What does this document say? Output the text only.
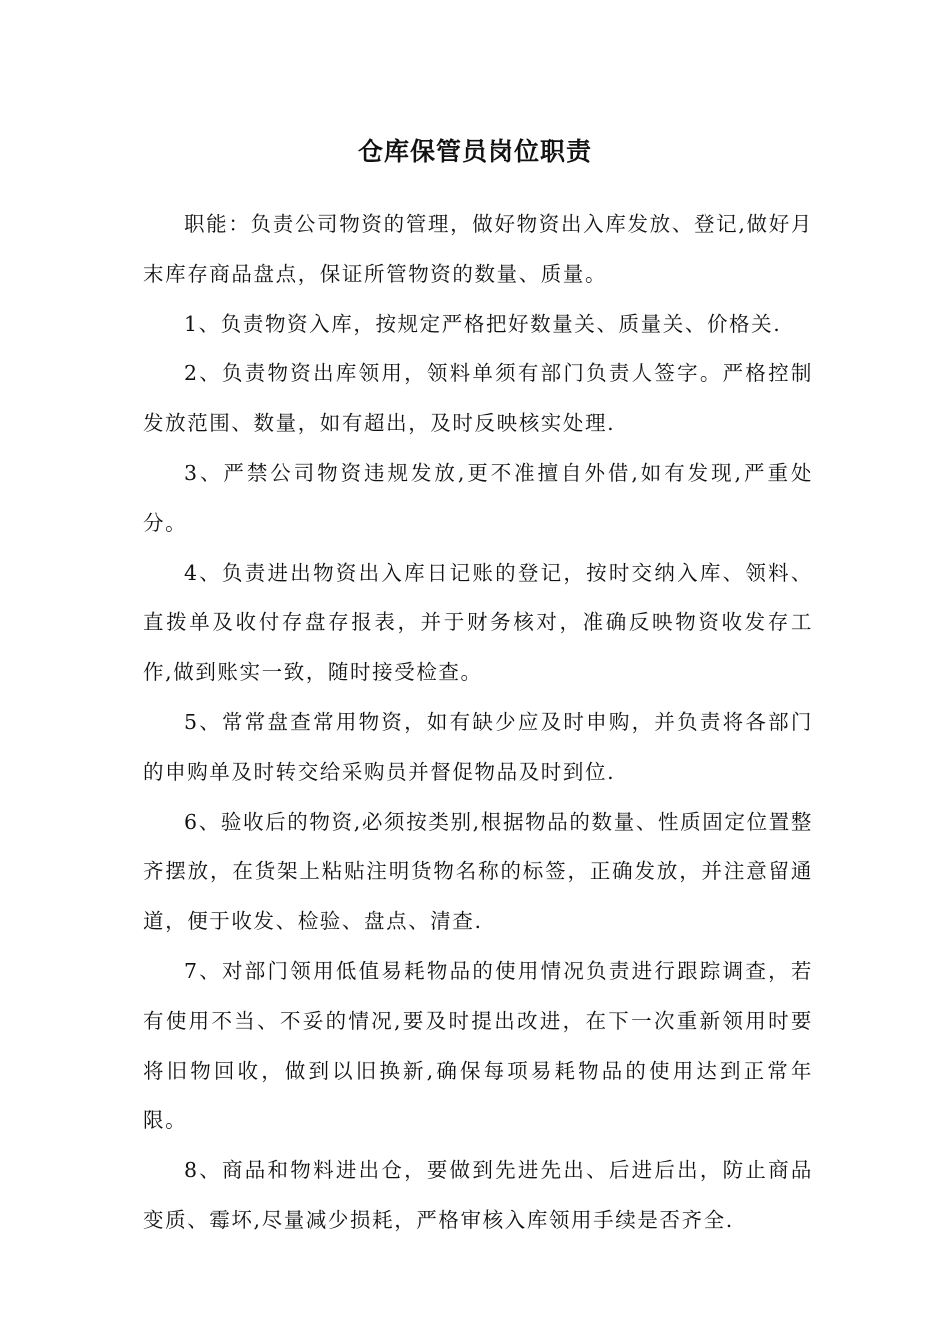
仓库保管员岗位职责

职能：负责公司物资的管理，做好物资出入库发放、登记,做好月末库存商品盘点，保证所管物资的数量、质量。

1、负责物资入库，按规定严格把好数量关、质量关、价格关.

2、负责物资出库领用，领料单须有部门负责人签字。严格控制发放范围、数量，如有超出，及时反映核实处理.

3、严禁公司物资违规发放,更不准擅自外借,如有发现,严重处分。

4、负责进出物资出入库日记账的登记，按时交纳入库、领料、直拨单及收付存盘存报表，并于财务核对，准确反映物资收发存工作,做到账实一致，随时接受检查。

5、常常盘查常用物资，如有缺少应及时申购，并负责将各部门的申购单及时转交给采购员并督促物品及时到位.

6、验收后的物资,必须按类别,根据物品的数量、性质固定位置整齐摆放，在货架上粘贴注明货物名称的标签，正确发放，并注意留通道，便于收发、检验、盘点、清查.

7、对部门领用低值易耗物品的使用情况负责进行跟踪调查，若有使用不当、不妥的情况,要及时提出改进，在下一次重新领用时要将旧物回收，做到以旧换新,确保每项易耗物品的使用达到正常年限。

8、商品和物料进出仓，要做到先进先出、后进后出，防止商品变质、霉坏,尽量减少损耗，严格审核入库领用手续是否齐全.
